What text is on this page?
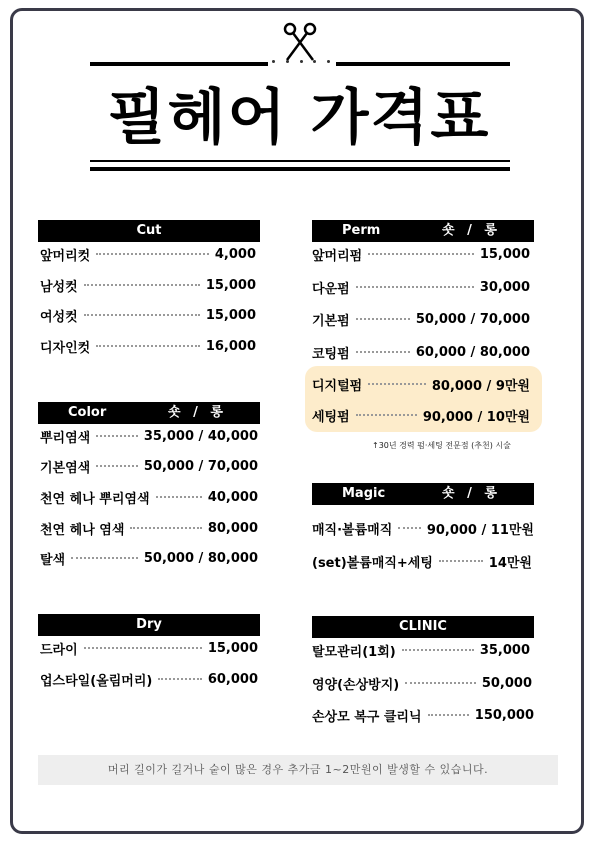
필헤어 가격표
Cut
앞머리컷	4,000
남성컷	15,000
여성컷	15,000
디자인컷	16,000
Color	숏 / 롱
뿌리염색	35,000 / 40,000
기본염색	50,000 / 70,000
천연 헤나 뿌리염색	40,000
천연 헤나 염색	80,000
탈색	50,000 / 80,000
Dry
드라이	15,000
업스타일(올림머리)	60,000
Perm	숏 / 롱
앞머리펌	15,000
다운펌	30,000
기본펌	50,000 / 70,000
코팅펌	60,000 / 80,000
디지털펌	80,000 / 9만원
세팅펌	90,000 / 10만원
↑30년 경력 펌·세팅 전문점 (추천) 시술
Magic	숏 / 롱
매직·볼륨매직	90,000 / 11만원
(set)볼륨매직+세팅	14만원
CLINIC
탈모관리(1회)	35,000
영양(손상방지)	50,000
손상모 복구 클리닉	150,000
머리 길이가 길거나 숱이 많은 경우 추가금 1~2만원이 발생할 수 있습니다.
